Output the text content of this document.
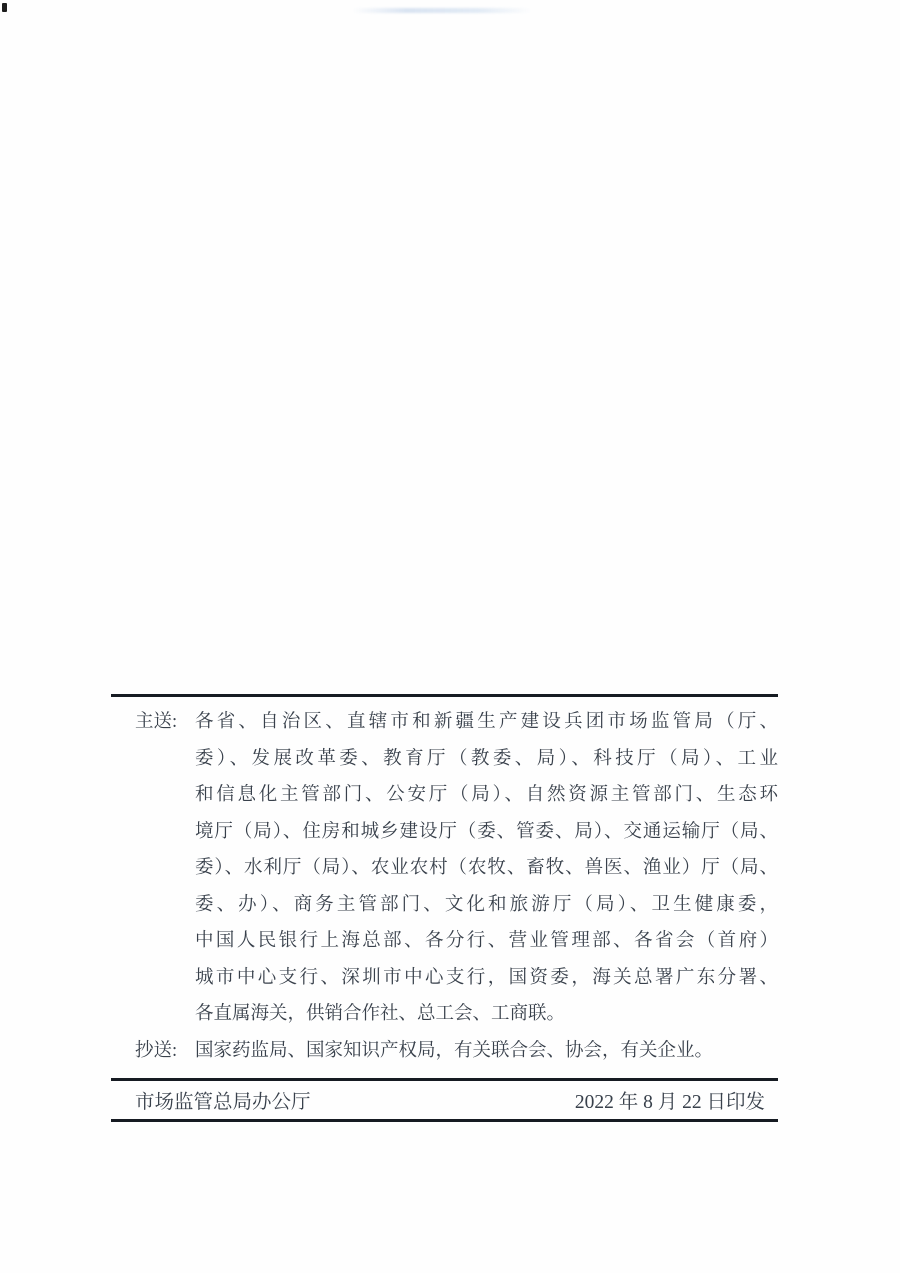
主送: 各省、自治区、直辖市和新疆生产建设兵团市场监管局（厅、
委）、发展改革委、教育厅（教委、局）、科技厅（局）、工业
和信息化主管部门、公安厅（局）、自然资源主管部门、生态环
境厅（局）、住房和城乡建设厅（委、管委、局）、交通运输厅（局、
委）、水利厅（局）、农业农村（农牧、畜牧、兽医、渔业）厅（局、
委、办）、商务主管部门、文化和旅游厅（局）、卫生健康委，
中国人民银行上海总部、各分行、营业管理部、各省会（首府）
城市中心支行、深圳市中心支行，国资委，海关总署广东分署、
各直属海关，供销合作社、总工会、工商联。
抄送: 国家药监局、国家知识产权局，有关联合会、协会，有关企业。
市场监管总局办公厅	2022 年 8 月 22 日印发
